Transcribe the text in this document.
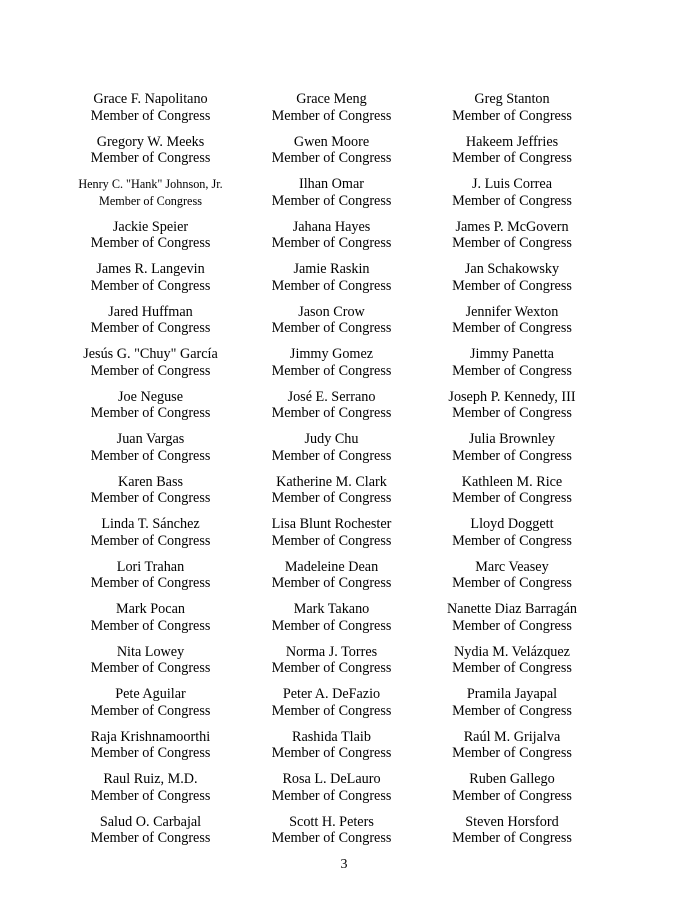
Grace F. Napolitano
Member of Congress
Grace Meng
Member of Congress
Greg Stanton
Member of Congress
Gregory W. Meeks
Member of Congress
Gwen Moore
Member of Congress
Hakeem Jeffries
Member of Congress
Henry C. "Hank" Johnson, Jr.
Member of Congress
Ilhan Omar
Member of Congress
J. Luis Correa
Member of Congress
Jackie Speier
Member of Congress
Jahana Hayes
Member of Congress
James P. McGovern
Member of Congress
James R. Langevin
Member of Congress
Jamie Raskin
Member of Congress
Jan Schakowsky
Member of Congress
Jared Huffman
Member of Congress
Jason Crow
Member of Congress
Jennifer Wexton
Member of Congress
Jesús G. "Chuy" García
Member of Congress
Jimmy Gomez
Member of Congress
Jimmy Panetta
Member of Congress
Joe Neguse
Member of Congress
José E. Serrano
Member of Congress
Joseph P. Kennedy, III
Member of Congress
Juan Vargas
Member of Congress
Judy Chu
Member of Congress
Julia Brownley
Member of Congress
Karen Bass
Member of Congress
Katherine M. Clark
Member of Congress
Kathleen M. Rice
Member of Congress
Linda T. Sánchez
Member of Congress
Lisa Blunt Rochester
Member of Congress
Lloyd Doggett
Member of Congress
Lori Trahan
Member of Congress
Madeleine Dean
Member of Congress
Marc Veasey
Member of Congress
Mark Pocan
Member of Congress
Mark Takano
Member of Congress
Nanette Diaz Barragán
Member of Congress
Nita Lowey
Member of Congress
Norma J. Torres
Member of Congress
Nydia M. Velázquez
Member of Congress
Pete Aguilar
Member of Congress
Peter A. DeFazio
Member of Congress
Pramila Jayapal
Member of Congress
Raja Krishnamoorthi
Member of Congress
Rashida Tlaib
Member of Congress
Raúl M. Grijalva
Member of Congress
Raul Ruiz, M.D.
Member of Congress
Rosa L. DeLauro
Member of Congress
Ruben Gallego
Member of Congress
Salud O. Carbajal
Member of Congress
Scott H. Peters
Member of Congress
Steven Horsford
Member of Congress
3
